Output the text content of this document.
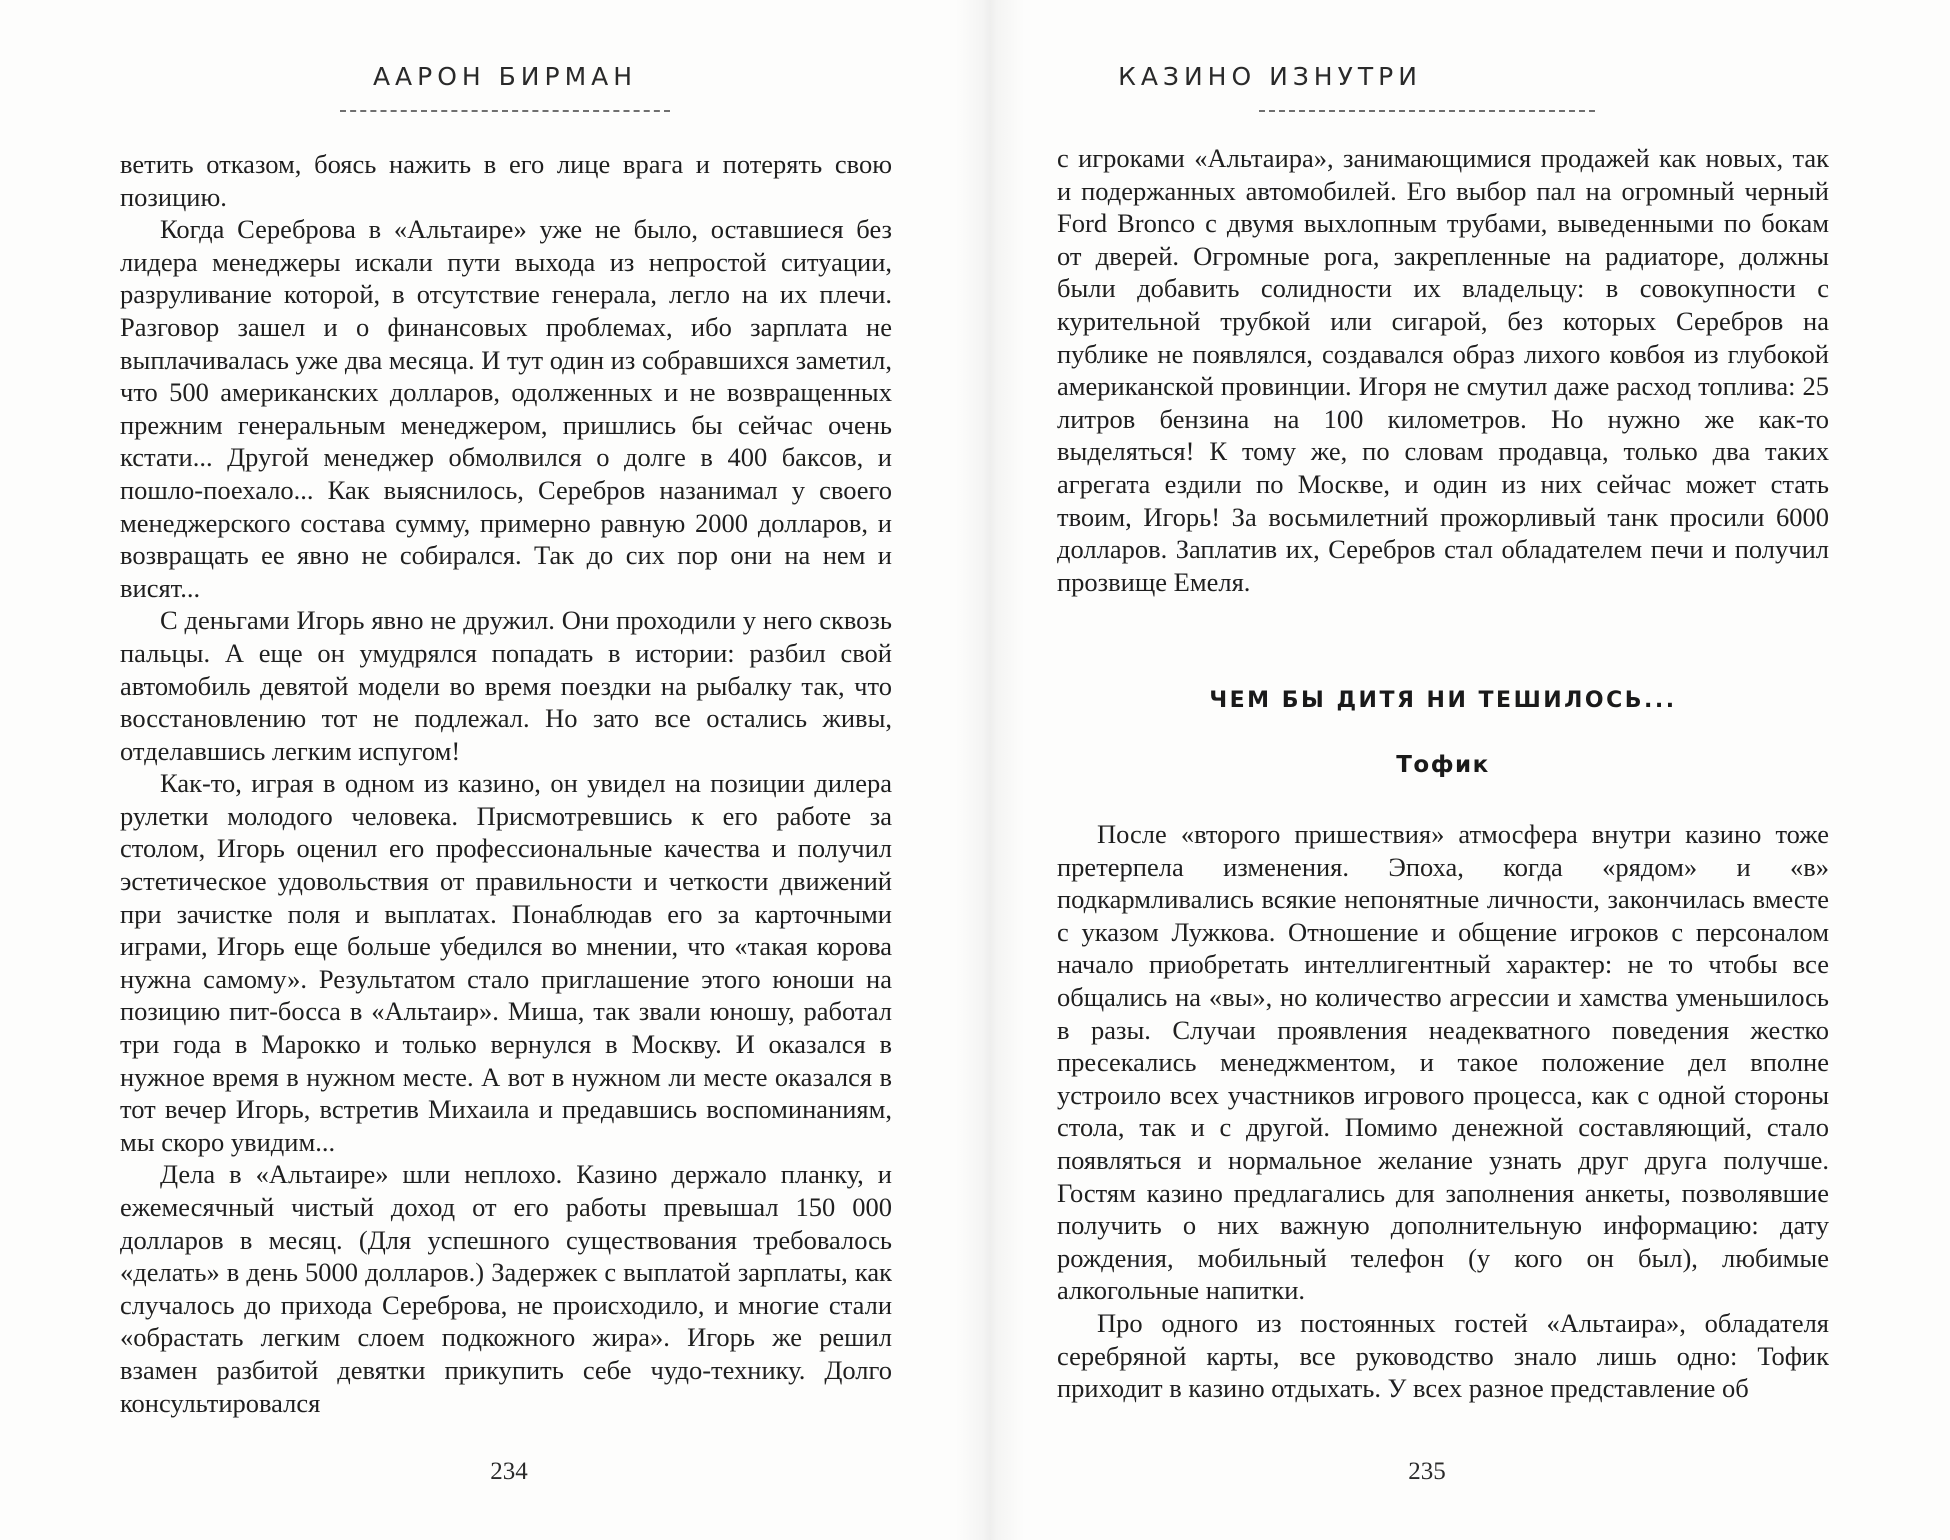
ААРОН БИРМАН

ветить отказом, боясь нажить в его лице врага и потерять свою позицию.

Когда Сереброва в «Альтаире» уже не было, оставшиеся без лидера менеджеры искали пути выхода из непростой ситуации, разруливание которой, в отсутствие генерала, легло на их плечи. Разговор зашел и о финансовых проблемах, ибо зарплата не выплачивалась уже два месяца. И тут один из собравшихся заметил, что 500 американских долларов, одолженных и не возвращенных прежним генеральным менеджером, пришлись бы сейчас очень кстати... Другой менеджер обмолвился о долге в 400 баксов, и пошло-поехало... Как выяснилось, Серебров назанимал у своего менеджерского состава сумму, примерно равную 2000 долларов, и возвращать ее явно не собирался. Так до сих пор они на нем и висят...

С деньгами Игорь явно не дружил. Они проходили у него сквозь пальцы. А еще он умудрялся попадать в истории: разбил свой автомобиль девятой модели во время поездки на рыбалку так, что восстановлению тот не подлежал. Но зато все остались живы, отделавшись легким испугом!

Как-то, играя в одном из казино, он увидел на позиции дилера рулетки молодого человека. Присмотревшись к его работе за столом, Игорь оценил его профессиональные качества и получил эстетическое удовольствия от правильности и четкости движений при зачистке поля и выплатах. Понаблюдав его за карточными играми, Игорь еще больше убедился во мнении, что «такая корова нужна самому». Результатом стало приглашение этого юноши на позицию пит-босса в «Альтаир». Миша, так звали юношу, работал три года в Марокко и только вернулся в Москву. И оказался в нужное время в нужном месте. А вот в нужном ли месте оказался в тот вечер Игорь, встретив Михаила и предавшись воспоминаниям, мы скоро увидим...

Дела в «Альтаире» шли неплохо. Казино держало планку, и ежемесячный чистый доход от его работы превышал 150 000 долларов в месяц. (Для успешного существования требовалось «делать» в день 5000 долларов.) Задержек с выплатой зарплаты, как случалось до прихода Сереброва, не происходило, и многие стали «обрастать легким слоем подкожного жира». Игорь же решил взамен разбитой девятки прикупить себе чудо-технику. Долго консультировался

234
КАЗИНО ИЗНУТРИ

с игроками «Альтаира», занимающимися продажей как новых, так и подержанных автомобилей. Его выбор пал на огромный черный Ford Bronco с двумя выхлопным трубами, выведенными по бокам от дверей. Огромные рога, закрепленные на радиаторе, должны были добавить солидности их владельцу: в совокупности с курительной трубкой или сигарой, без которых Серебров на публике не появлялся, создавался образ лихого ковбоя из глубокой американской провинции. Игоря не смутил даже расход топлива: 25 литров бензина на 100 километров. Но нужно же как-то выделяться! К тому же, по словам продавца, только два таких агрегата ездили по Москве, и один из них сейчас может стать твоим, Игорь! За восьмилетний прожорливый танк просили 6000 долларов. Заплатив их, Серебров стал обладателем печи и получил прозвище Емеля.

ЧЕМ БЫ ДИТЯ НИ ТЕШИЛОСЬ...
Тофик

После «второго пришествия» атмосфера внутри казино тоже претерпела изменения. Эпоха, когда «рядом» и «в» подкармливались всякие непонятные личности, закончилась вместе с указом Лужкова. Отношение и общение игроков с персоналом начало приобретать интеллигентный характер: не то чтобы все общались на «вы», но количество агрессии и хамства уменьшилось в разы. Случаи проявления неадекватного поведения жестко пресекались менеджментом, и такое положение дел вполне устроило всех участников игрового процесса, как с одной стороны стола, так и с другой. Помимо денежной составляющий, стало появляться и нормальное желание узнать друг друга получше. Гостям казино предлагались для заполнения анкеты, позволявшие получить о них важную дополнительную информацию: дату рождения, мобильный телефон (у кого он был), любимые алкогольные напитки.

Про одного из постоянных гостей «Альтаира», обладателя серебряной карты, все руководство знало лишь одно: Тофик приходит в казино отдыхать. У всех разное представление об

235
